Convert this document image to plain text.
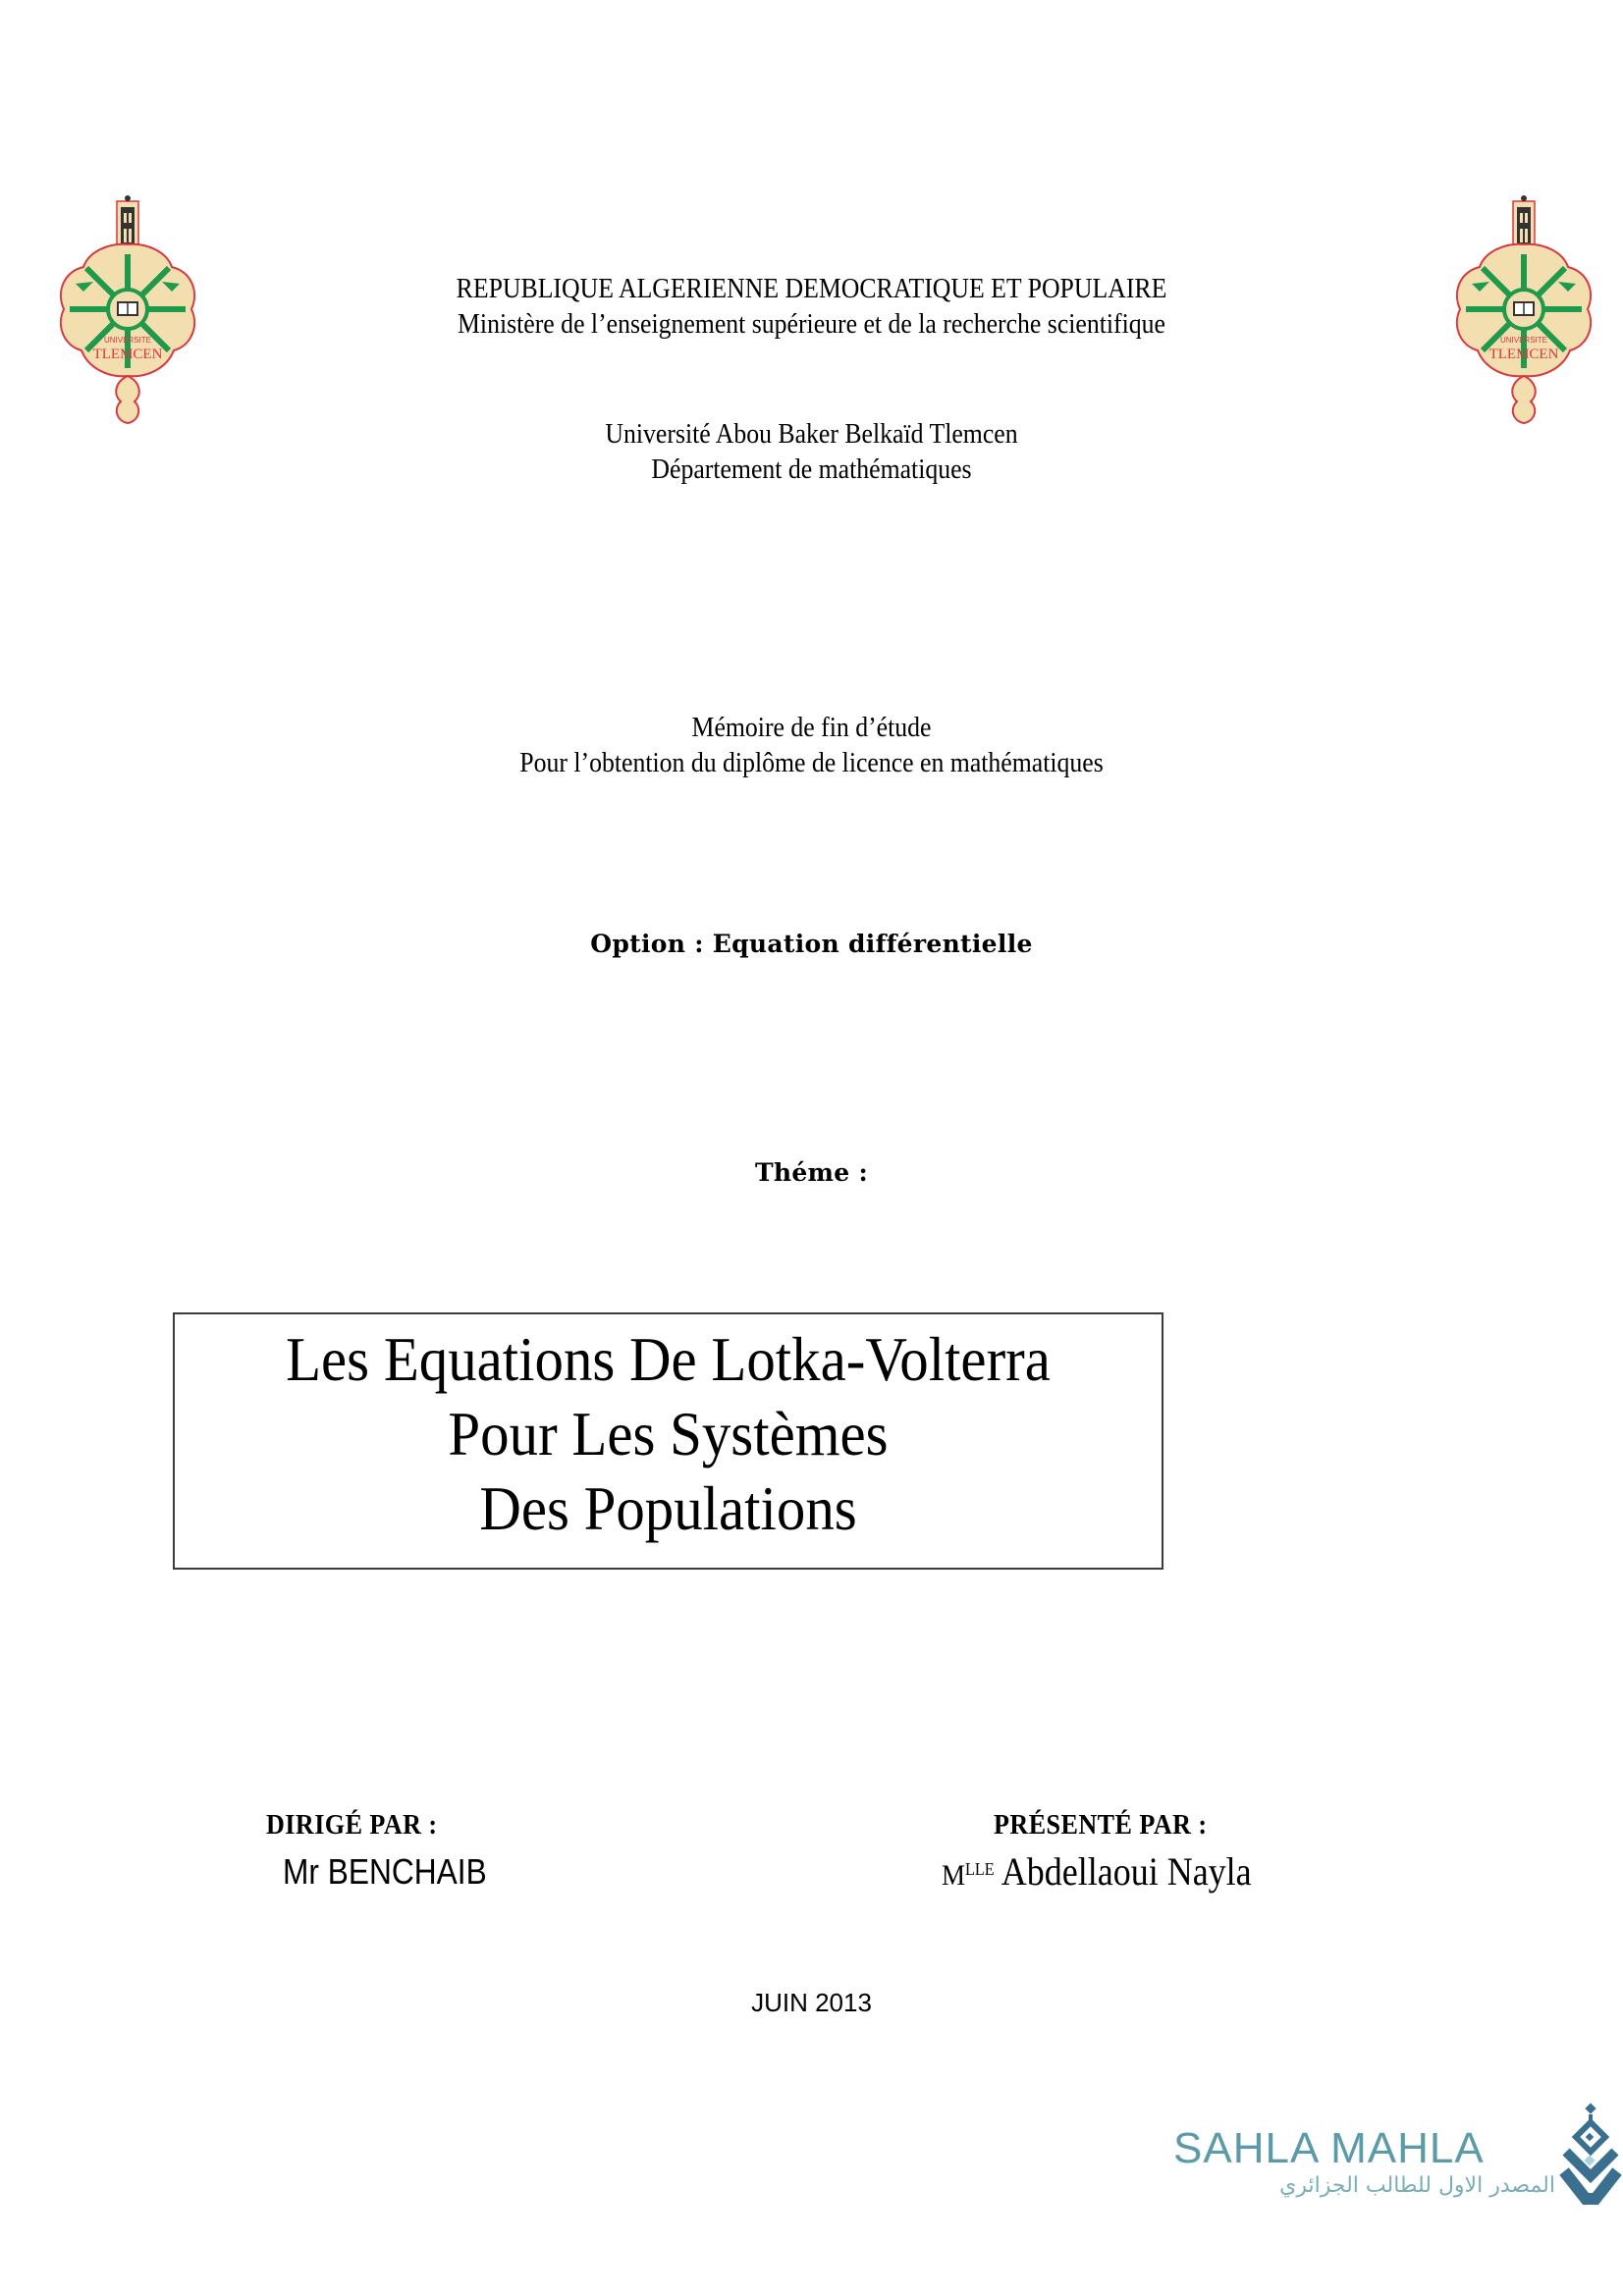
UNIVERSITE
TLEMCEN
UNIVERSITE
TLEMCEN
REPUBLIQUE ALGERIENNE DEMOCRATIQUE ET POPULAIRE
Ministère de l’enseignement supérieure et de la recherche scientifique
Université Abou Baker Belkaïd Tlemcen
Département de mathématiques
Mémoire de fin d’étude
Pour l’obtention du diplôme de licence en mathématiques
Option : Equation différentielle
Théme :
Les Equations De Lotka-Volterra
Pour Les Systèmes
Des Populations
DIRIGÉ PAR :
Mr BENCHAIB
PRÉSENTÉ PAR :
$M^{LLE}$ Abdellaoui Nayla
JUIN 2013
SAHLA MAHLA
المصدر الاول للطالب الجزائري
